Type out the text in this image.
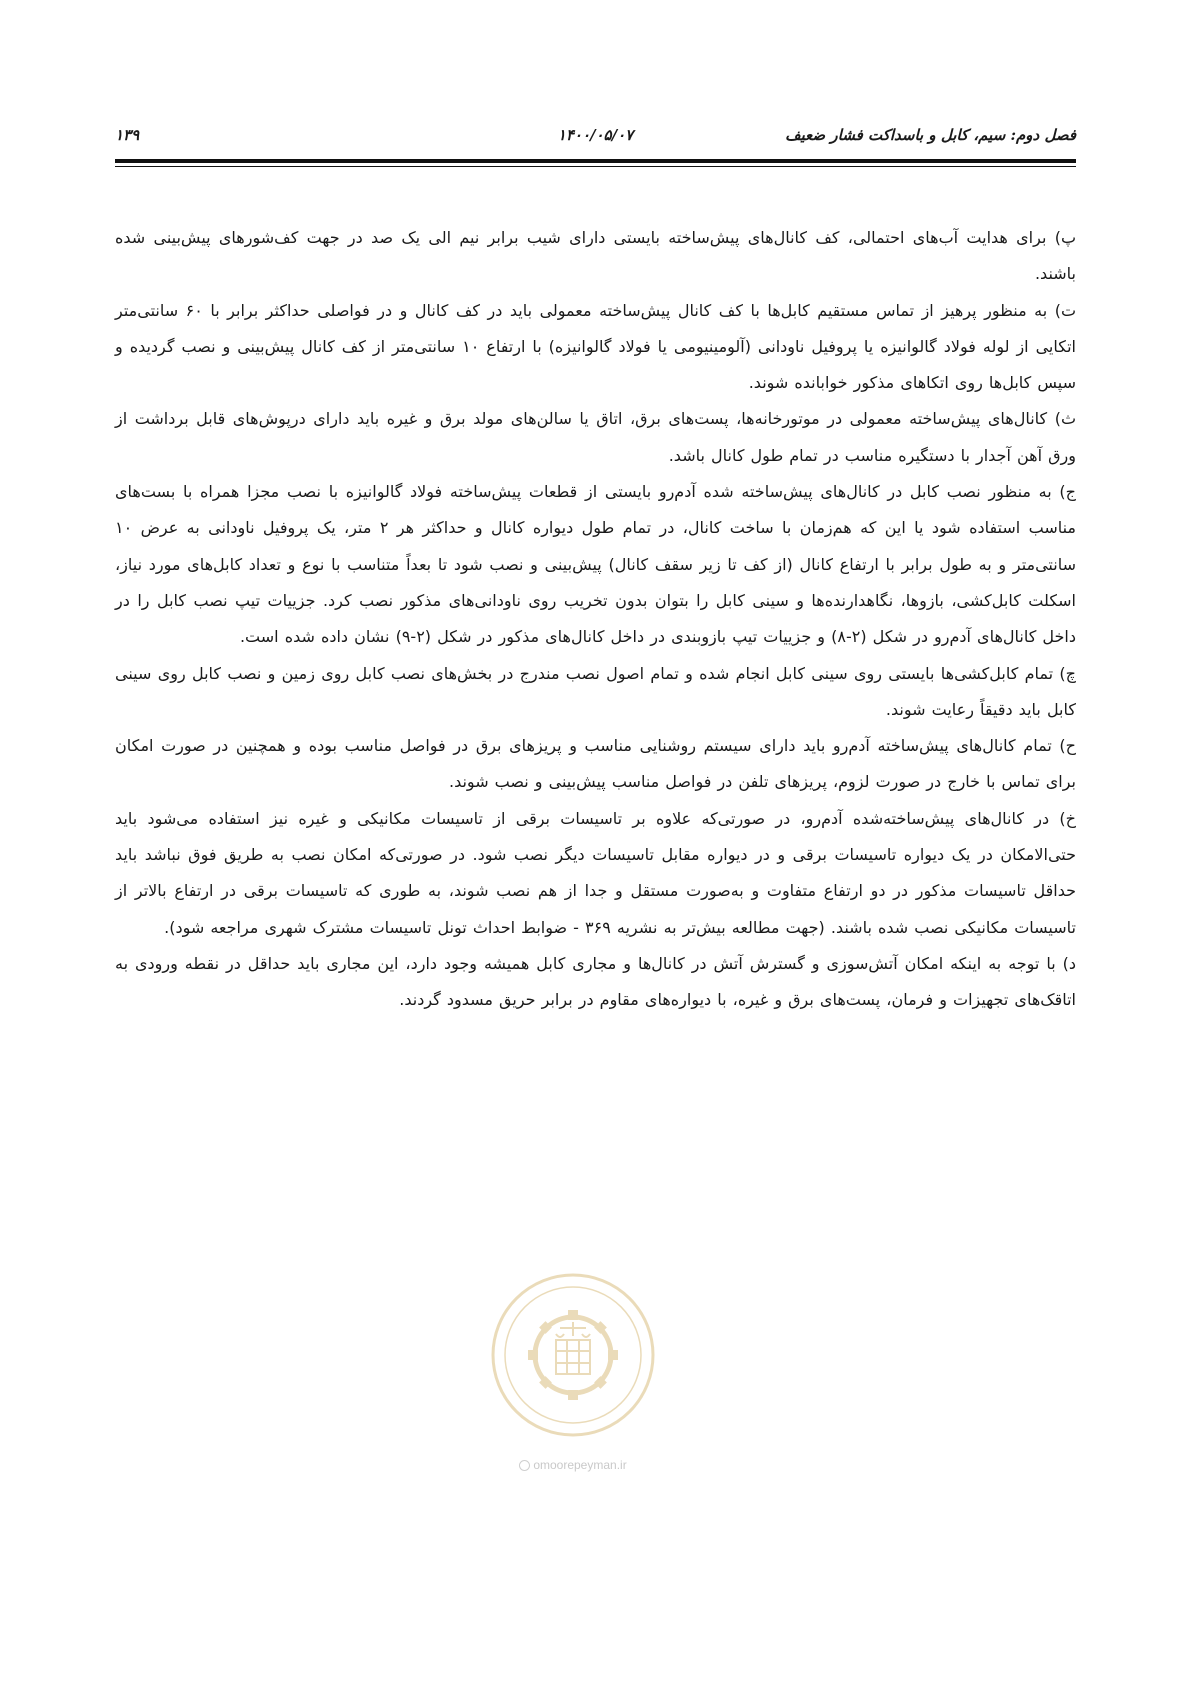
فصل دوم: سیم، کابل و باسداکت فشار ضعیف
۱۴۰۰/۰۵/۰۷
۱۳۹

پ) برای هدایت آب‌های احتمالی، کف کانال‌های پیش‌ساخته بایستی دارای شیب برابر نیم الی یک صد در جهت کف‌شورهای پیش‌بینی شده باشند.

ت) به منظور پرهیز از تماس مستقیم کابل‌ها با کف کانال پیش‌ساخته معمولی باید در کف کانال و در فواصلی حداکثر برابر با ۶۰ سانتی‌متر اتکایی از لوله فولاد گالوانیزه یا پروفیل ناودانی (آلومینیومی یا فولاد گالوانیزه) با ارتفاع ۱۰ سانتی‌متر از کف کانال پیش‌بینی و نصب گردیده و سپس کابل‌ها روی اتکاهای مذکور خوابانده شوند.

ث) کانال‌های پیش‌ساخته معمولی در موتورخانه‌ها، پست‌های برق، اتاق یا سالن‌های مولد برق و غیره باید دارای درپوش‌های قابل برداشت از ورق آهن آجدار با دستگیره مناسب در تمام طول کانال باشد.

ج) به منظور نصب کابل در کانال‌های پیش‌ساخته شده آدم‌رو بایستی از قطعات پیش‌ساخته فولاد گالوانیزه با نصب مجزا همراه با بست‌های مناسب استفاده شود یا این که هم‌زمان با ساخت کانال، در تمام طول دیواره کانال و حداکثر هر ۲ متر، یک پروفیل ناودانی به عرض ۱۰ سانتی‌متر و به طول برابر با ارتفاع کانال (از کف تا زیر سقف کانال) پیش‌بینی و نصب شود تا بعداً متناسب با نوع و تعداد کابل‌های مورد نیاز، اسکلت کابل‌کشی، بازوها، نگاهدارنده‌ها و سینی کابل را بتوان بدون تخریب روی ناودانی‌های مذکور نصب کرد. جزییات تیپ نصب کابل را در داخل کانال‌های آدم‌رو در شکل (۲-۸) و جزییات تیپ بازوبندی در داخل کانال‌های مذکور در شکل (۲-۹) نشان داده شده است.

چ) تمام کابل‌کشی‌ها بایستی روی سینی کابل انجام شده و تمام اصول نصب مندرج در بخش‌های نصب کابل روی زمین و نصب کابل روی سینی کابل باید دقیقاً رعایت شوند.

ح) تمام کانال‌های پیش‌ساخته آدم‌رو باید دارای سیستم روشنایی مناسب و پریزهای برق در فواصل مناسب بوده و همچنین در صورت امکان برای تماس با خارج در صورت لزوم، پریزهای تلفن در فواصل مناسب پیش‌بینی و نصب شوند.

خ) در کانال‌های پیش‌ساخته‌شده آدم‌رو، در صورتی‌که علاوه بر تاسیسات برقی از تاسیسات مکانیکی و غیره نیز استفاده می‌شود باید حتی‌الامکان در یک دیواره تاسیسات برقی و در دیواره مقابل تاسیسات دیگر نصب شود. در صورتی‌که امکان نصب به طریق فوق نباشد باید حداقل تاسیسات مذکور در دو ارتفاع متفاوت و به‌صورت مستقل و جدا از هم نصب شوند، به طوری که تاسیسات برقی در ارتفاع بالاتر از تاسیسات مکانیکی نصب شده باشند. (جهت مطالعه بیش‌تر به نشریه ۳۶۹ - ضوابط احداث تونل تاسیسات مشترک شهری مراجعه شود).

د) با توجه به اینکه امکان آتش‌سوزی و گسترش آتش در کانال‌ها و مجاری کابل همیشه وجود دارد، این مجاری باید حداقل در نقطه ورودی به اتاقک‌های تجهیزات و فرمان، پست‌های برق و غیره، با دیواره‌های مقاوم در برابر حریق مسدود گردند.

omoorepeyman.ir
